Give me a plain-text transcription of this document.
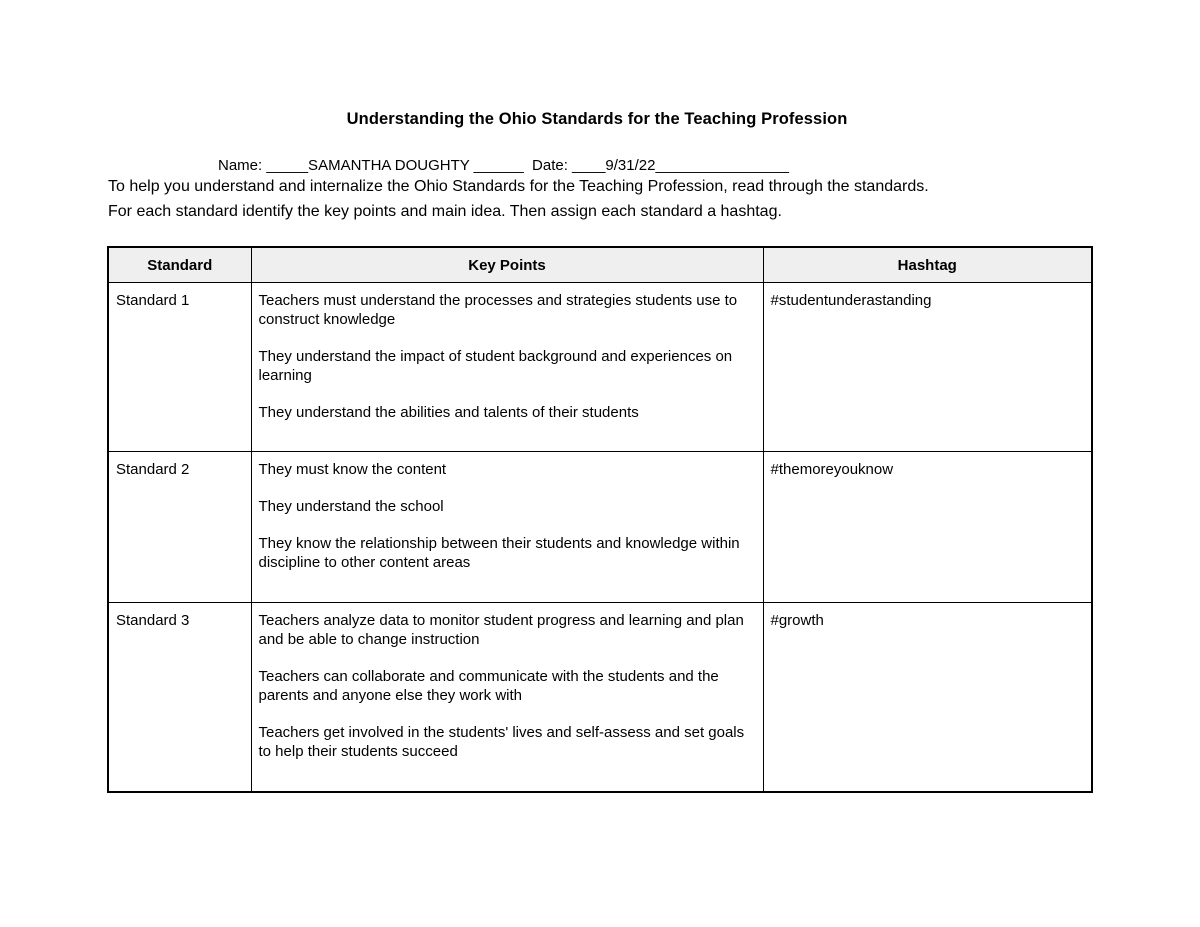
Understanding the Ohio Standards for the Teaching Profession
Name: _____SAMANTHA DOUGHTY ______  Date: ____9/31/22________________
To help you understand and internalize the Ohio Standards for the Teaching Profession, read through the standards.
For each standard identify the key points and main idea. Then assign each standard a hashtag.
Standard	Key Points	Hashtag
Standard 1	Teachers must understand the processes and strategies students use to construct knowledge

They understand the impact of student background and experiences on learning

They understand the abilities and talents of their students	#studentunderastanding
Standard 2	They must know the content

They understand the school

They know the relationship between their students and knowledge within discipline to other content areas	#themoreyouknow
Standard 3	Teachers analyze data to monitor student progress and learning and plan and be able to change instruction

Teachers can collaborate and communicate with the students and the parents and anyone else they work with

Teachers get involved in the students' lives and self-assess and set goals to help their students succeed	#growth
